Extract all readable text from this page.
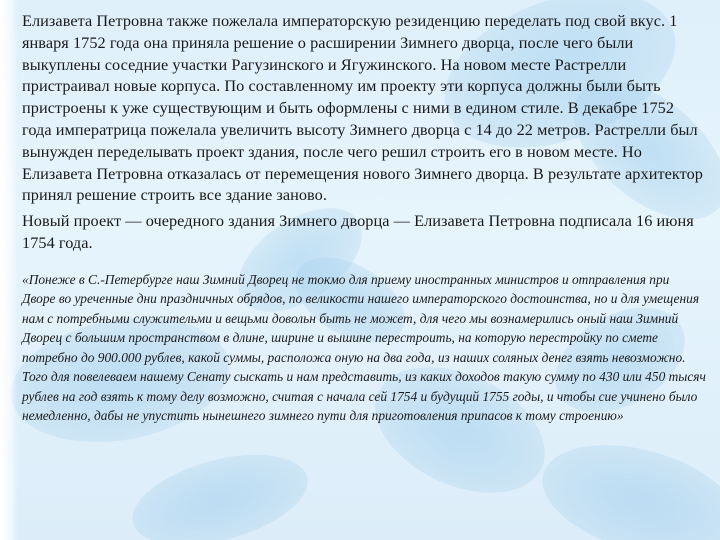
Елизавета Петровна также пожелала императорскую резиденцию переделать под свой вкус. 1 января 1752 года она приняла решение о расширении Зимнего дворца, после чего были выкуплены соседние участки Рагузинского и Ягужинского. На новом месте Растрелли пристраивал новые корпуса. По составленному им проекту эти корпуса должны были быть пристроены к уже существующим и быть оформлены с ними в едином стиле. В декабре 1752 года императрица пожелала увеличить высоту Зимнего дворца с 14 до 22 метров. Растрелли был вынужден переделывать проект здания, после чего решил строить его в новом месте. Но Елизавета Петровна отказалась от перемещения нового Зимнего дворца. В результате архитектор принял решение строить все здание заново.

Новый проект — очередного здания Зимнего дворца — Елизавета Петровна подписала 16 июня 1754 года.

«Понеже в С.-Петербурге наш Зимний Дворец не токмо для приему иностранных министров и отправления при Дворе во уреченные дни праздничных обрядов, по великости нашего императорского достоинства, но и для умещения нам с потребными служительми и вещьми довольн быть не может, для чего мы вознамерились оный наш Зимний Дворец с большим пространством в длине, ширине и вышине перестроить, на которую перестройку по смете потребно до 900.000 рублев, какой суммы, расположа оную на два года, из наших соляных денег взять невозможно. Того для повелеваем нашему Сенату сыскать и нам представить, из каких доходов такую сумму по 430 или 450 тысяч рублев на год взять к тому делу возможно, считая с начала сей 1754 и будущий 1755 годы, и чтобы сие учинено было немедленно, дабы не упустить нынешнего зимнего пути для приготовления припасов к тому строению»
